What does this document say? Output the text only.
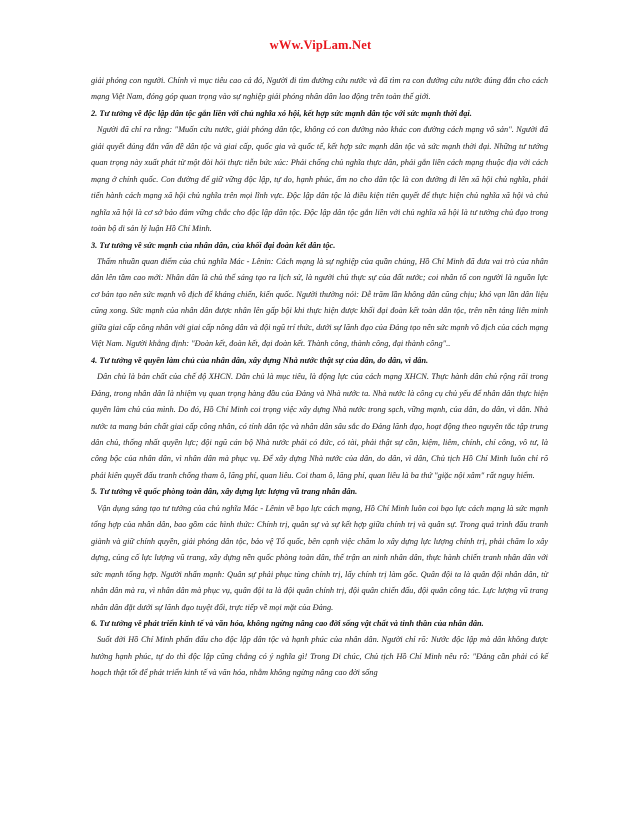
wWw.VipLam.Net

giải phóng con người. Chính vì mục tiêu cao cả đó, Người đi tìm đường cứu nước và đã tìm ra con đường cứu nước đúng đắn cho cách mạng Việt Nam, đóng góp quan trọng vào sự nghiệp giải phóng nhân dân lao động trên toàn thế giới.

2. Tư tưởng về độc lập dân tộc gắn liền với chủ nghĩa xó hội, kết hợp sức mạnh dân tộc với sức mạnh thời đại.

Người đã chỉ ra rằng: "Muốn cứu nước, giải phóng dân tộc, không có con đường nào khác con đường cách mạng vô sản". Người đã giải quyết đúng đắn vấn đề dân tộc và giai cấp, quốc gia và quốc tế, kết hợp sức mạnh dân tộc và sức mạnh thời đại. Những tư tưởng quan trọng này xuất phát từ một đòi hỏi thực tiễn bức xúc: Phải chống chủ nghĩa thực dân, phải gắn liền cách mạng thuộc địa với cách mạng ở chính quốc. Con đường để giữ vững độc lập, tự do, hạnh phúc, ấm no cho dân tộc là con đường đi lên xã hội chủ nghĩa, phải tiến hành cách mạng xã hội chủ nghĩa trên mọi lĩnh vực. Độc lập dân tộc là điều kiện tiên quyết để thực hiện chủ nghĩa xã hội và chủ nghĩa xã hội là cơ sở bảo đảm vững chắc cho độc lập dân tộc. Độc lập dân tộc gắn liền với chủ nghĩa xã hội là tư tưởng chủ đạo trong toàn bộ di sản lý luận Hồ Chí Minh.

3. Tư tưởng về sức mạnh của nhân dân, của khối đại đoàn kết dân tộc.

Thấm nhuần quan điểm của chủ nghĩa Mác - Lênin: Cách mạng là sự nghiệp của quần chúng, Hồ Chí Minh đã đưa vai trò của nhân dân lên tầm cao mới: Nhân dân là chủ thể sáng tạo ra lịch sử, là người chủ thực sự của đất nước; coi nhân tố con người là nguồn lực cơ bản tạo nên sức mạnh vô địch để kháng chiến, kiến quốc. Người thường nói: Dễ trăm lần không dân cũng chịu; khó vạn lần dân liệu cũng xong. Sức mạnh của nhân dân được nhân lên gấp bội khi thực hiện được khối đại đoàn kết toàn dân tộc, trên nền tảng liên minh giữa giai cấp công nhân với giai cấp nông dân và đội ngũ trí thức, dưới sự lãnh đạo của Đảng tạo nên sức mạnh vô địch của cách mạng Việt Nam. Người khẳng định: "Đoàn kết, đoàn kết, đại đoàn kết. Thành công, thành công, đại thành công"..

4. Tư tưởng về quyền làm chủ của nhân dân, xây dựng Nhà nước thật sự của dân, do dân, vì dân.

Dân chủ là bản chất của chế độ XHCN. Dân chủ là mục tiêu, là động lực của cách mạng XHCN. Thực hành dân chủ rộng rãi trong Đảng, trong nhân dân là nhiệm vụ quan trọng hàng đầu của Đảng và Nhà nước ta. Nhà nước là công cụ chủ yếu để nhân dân thực hiện quyền làm chủ của mình. Do đó, Hồ Chí Minh coi trọng việc xây dựng Nhà nước trong sạch, vững mạnh, của dân, do dân, vì dân. Nhà nước ta mang bản chất giai cấp công nhân, có tính dân tộc và nhân dân sâu sắc do Đảng lãnh đạo, hoạt động theo nguyên tắc tập trung dân chủ, thống nhất quyền lực; đội ngũ cán bộ Nhà nước phải có đức, có tài, phải thật sự cần, kiệm, liêm, chính, chí công, vô tư, là công bộc của nhân dân, vì nhân dân mà phục vụ. Để xây dựng Nhà nước của dân, do dân, vì dân, Chủ tịch Hồ Chí Minh luôn chỉ rõ phải kiên quyết đấu tranh chống tham ô, lãng phí, quan liêu. Coi tham ô, lãng phí, quan liêu là ba thứ "giặc nội xâm" rất nguy hiểm.

5. Tư tưởng về quốc phòng toàn dân, xây dựng lực lượng vũ trang nhân dân.

Vận dụng sáng tạo tư tưởng của chủ nghĩa Mác - Lênin về bạo lực cách mạng, Hồ Chí Minh luôn coi bạo lực cách mạng là sức mạnh tổng hợp của nhân dân, bao gồm các hình thức: Chính trị, quân sự và sự kết hợp giữa chính trị và quân sự. Trong quá trình đấu tranh giành và giữ chính quyền, giải phóng dân tộc, bảo vệ Tổ quốc, bên cạnh việc chăm lo xây dựng lực lượng chính trị, phải chăm lo xây dựng, củng cố lực lượng vũ trang, xây dựng nền quốc phòng toàn dân, thế trận an ninh nhân dân, thực hành chiến tranh nhân dân với sức mạnh tổng hợp. Người nhấn mạnh: Quân sự phải phục tùng chính trị, lấy chính trị làm gốc. Quân đội ta là quân đội nhân dân, từ nhân dân mà ra, vì nhân dân mà phục vụ, quân đội ta là đội quân chính trị, đội quân chiến đấu, đội quân công tác. Lực lượng vũ trang nhân dân đặt dưới sự lãnh đạo tuyệt đối, trực tiếp về mọi mặt của Đảng.

6. Tư tưởng về phát triển kinh tế và văn hóa, không ngừng nâng cao đời sống vật chất và tinh thần của nhân dân.

Suốt đời Hồ Chí Minh phấn đấu cho độc lập dân tộc và hạnh phúc của nhân dân. Người chỉ rõ: Nước độc lập mà dân không được hưởng hạnh phúc, tự do thì độc lập cũng chẳng có ý nghĩa gì! Trong Di chúc, Chủ tịch Hồ Chí Minh nêu rõ: "Đảng cần phải có kế hoạch thật tốt để phát triển kinh tế và văn hóa, nhằm không ngừng nâng cao đời sống
